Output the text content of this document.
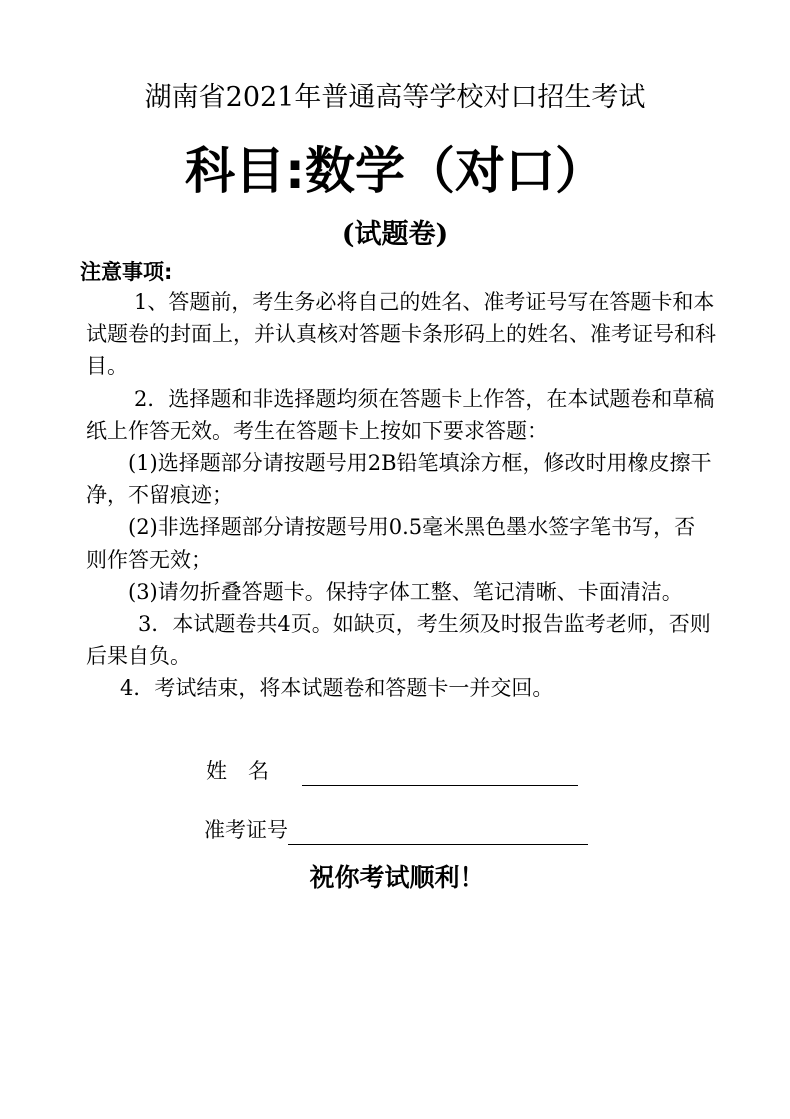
湖南省2021年普通高等学校对口招生考试
科目:数学（对口）
(试题卷)
注意事项:

1、答题前，考生务必将自己的姓名、准考证号写在答题卡和本试题卷的封面上，并认真核对答题卡条形码上的姓名、准考证号和科目。

2．选择题和非选择题均须在答题卡上作答，在本试题卷和草稿纸上作答无效。考生在答题卡上按如下要求答题：

(1)选择题部分请按题号用2B铅笔填涂方框，修改时用橡皮擦干净，不留痕迹；

(2)非选择题部分请按题号用0.5毫米黑色墨水签字笔书写，否则作答无效；

(3)请勿折叠答题卡。保持字体工整、笔记清晰、卡面清洁。

3．本试题卷共4页。如缺页，考生须及时报告监考老师，否则后果自负。

4．考试结束，将本试题卷和答题卡一并交回。

姓　名
准考证号
祝你考试顺利！
